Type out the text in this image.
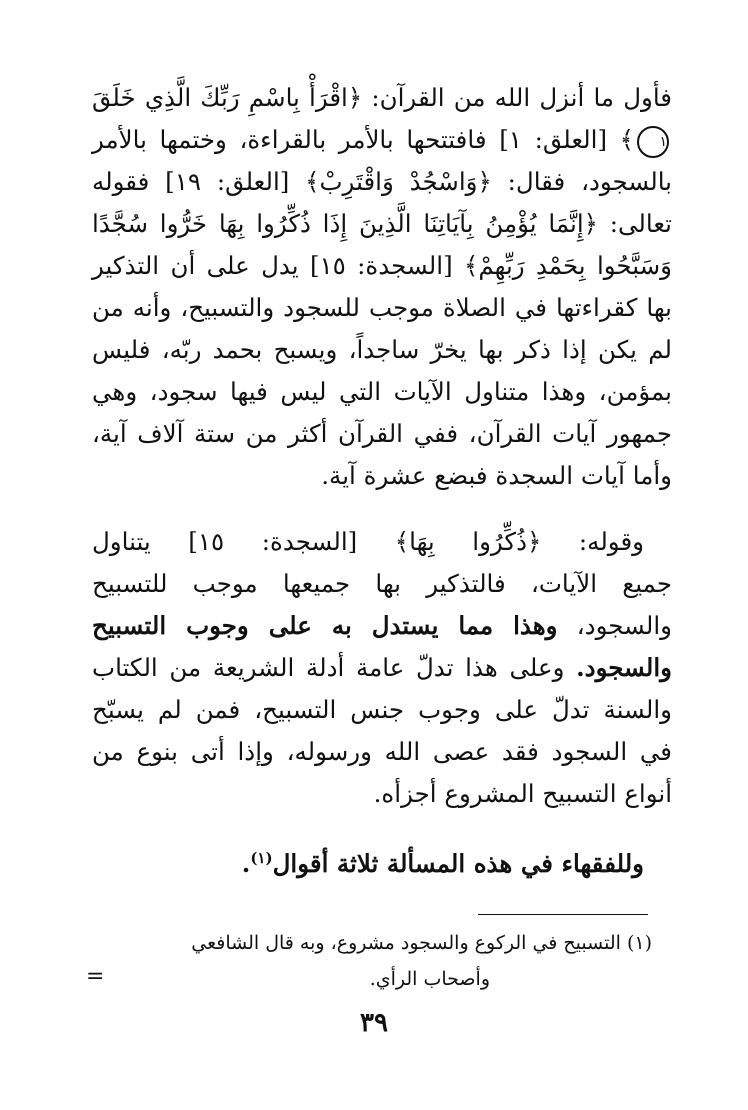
فأول ما أنزل الله من القرآن: ﴿اقْرَأْ بِاسْمِ رَبِّكَ الَّذِي خَلَقَ
١﴾ [العلق: ١] فافتتحها بالأمر بالقراءة، وختمها بالأمر
بالسجود، فقال: ﴿وَاسْجُدْ وَاقْتَرِبْ﴾ [العلق: ١٩] فقوله
تعالى: ﴿إِنَّمَا يُؤْمِنُ بِآيَاتِنَا الَّذِينَ إِذَا ذُكِّرُوا بِهَا خَرُّوا سُجَّدًا
وَسَبَّحُوا بِحَمْدِ رَبِّهِمْ﴾ [السجدة: ١٥] يدل على أن التذكير
بها كقراءتها في الصلاة موجب للسجود والتسبيح، وأنه من
لم يكن إذا ذكر بها يخرّ ساجداً، ويسبح بحمد ربّه، فليس
بمؤمن، وهذا متناول الآيات التي ليس فيها سجود، وهي
جمهور آيات القرآن، ففي القرآن أكثر من ستة آلاف آية،
وأما آيات السجدة فبضع عشرة آية.
وقوله: ﴿ذُكِّرُوا بِهَا﴾ [السجدة: ١٥] يتناول
جميع الآيات، فالتذكير بها جميعها موجب للتسبيح
والسجود، وهذا مما يستدل به على وجوب التسبيح
والسجود. وعلى هذا تدلّ عامة أدلة الشريعة من الكتاب
والسنة تدلّ على وجوب جنس التسبيح، فمن لم يسبّح
في السجود فقد عصى الله ورسوله، وإذا أتى بنوع من
أنواع التسبيح المشروع أجزأه.
وللفقهاء في هذه المسألة ثلاثة أقوال$^{(١)}$.
(١) التسبيح في الركوع والسجود مشروع، وبه قال الشافعي
وأصحاب الرأي.
=
٣٩
